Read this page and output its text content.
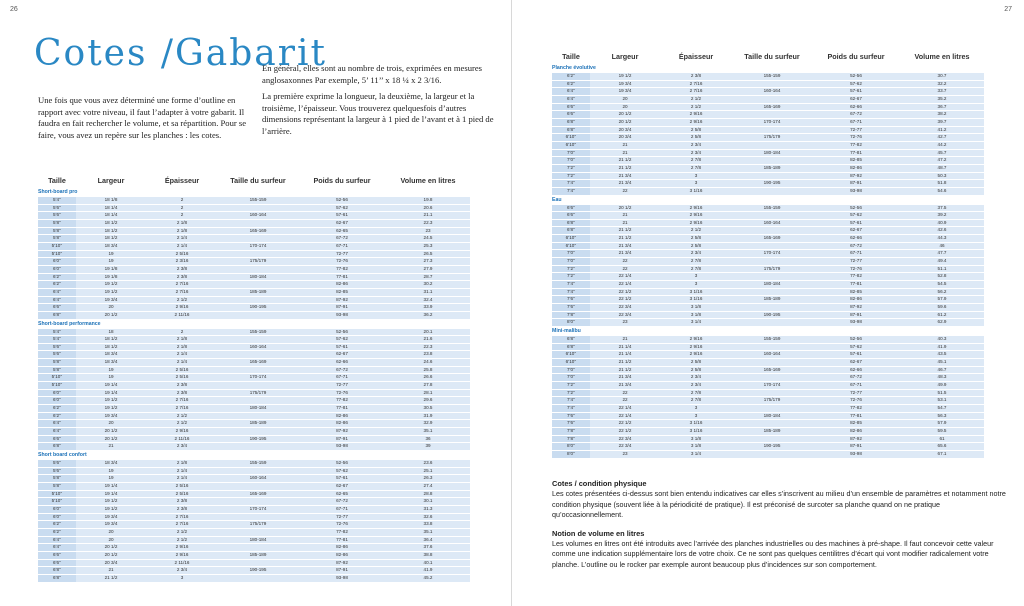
26
Cotes /Gabarit

Une fois que vous avez déterminé une forme d’outline en rapport avec votre niveau, il faut l’adapter à votre gabarit. Il faudra en fait rechercher le volume, et sa répartition. Pour se faire, vous avez un repère sur les planches : les cotes.

En général, elles sont au nombre de trois, exprimées en mesures anglosaxonnes Par exemple, 5’ 11’’ x 18 ¼ x 2 3/16.

La première exprime la longueur, la deuxième, la largeur et la troisième, l’épaisseur. Vous trouverez quelquesfois d’autres dimensions représentant la largeur à 1 pied de l’avant et à 1 pied de l’arrière.

Taille	Largeur	Épaisseur	Taille du surfeur	Poids du surfeur	Volume en litres
Short-board pro					
5’4’’	18 1/8	2	155-159	52-56	19.8
5’6’’	18 1/4	2		57-62	20.6
5’6’’	18 1/4	2	160-164	57-61	21.1
5’8’’	18 1/2	2 1/8		62-67	22.3
5’8’’	18 1/2	2 1/8	165-169	62-65	23
5’8’’	18 1/2	2 1/4		67-72	24.5
5’10’’	18 3/4	2 1/4	170-174	67-71	25.3
5’10’’	19	2 5/16		72-77	26.5
6’0’’	19	2 3/16	175/179	72-76	27.3
6’0’’	19 1/8	2 3/8		77-82	27.9
6’2’’	19 1/8	2 3/8	180-184	77-81	28.7
6’2’’	19 1/2	2 7/16		82-86	30.2
6’4’’	19 1/2	2 7/16	185-189	82-85	31.1
6’4’’	19 3/4	2 1/2		87-92	32.4
6’6’’	20	2 9/16	190-195	87-91	33.9
6’8’’	20 1/2	2 11/16		93-98	36.2
Short-board performance					
5’4’’	18	2	155-159	52-56	20.1
5’4’’	18 1/2	2 1/8		57-62	21.6
5’6’’	18 1/2	2 1/8	160-164	57-61	22.3
5’6’’	18 3/4	2 1/4		62-67	23.8
5’8’’	18 3/4	2 1/4	165-169	62-66	24.6
5’8’’	19	2 5/16		67-72	25.8
5’10’’	19	2 5/16	170-174	67-71	26.6
5’10’’	19 1/4	2 3/8		72-77	27.8
6’0’’	19 1/4	2 3/8	175/179	72-76	28.1
6’0’’	19 1/2	2 7/16		77-82	29.6
6’2’’	19 1/2	2 7/16	180-184	77-81	30.5
6’2’’	19 3/4	2 1/2		82-86	31.9
6’4’’	20	2 1/2	185-189	82-86	32.9
6’4’’	20 1/2	2 9/16		87-92	35.1
6’6’’	20 1/2	2 11/16	190-195	87-91	36
6’8’’	21	2 3/4		93-98	39
Short board confort					
5’6’’	18 3/4	2 1/8	155-159	52-56	23.6
5’6’’	19	2 1/4		57-62	25.1
5’8’’	19	2 1/4	160-164	57-61	26.3
5’8’’	19 1/4	2 5/16		62-67	27.4
5’10’’	19 1/4	2 5/16	165-169	62-65	28.8
5’10’’	19 1/2	2 3/8		67-72	30.1
6’0’’	19 1/2	2 3/8	170-174	67-71	31.3
6’0’’	19 3/4	2 7/16		72-77	32.6
6’2’’	19 3/4	2 7/16	175/179	72-76	33.8
6’2’’	20	2 1/2		77-82	35.1
6’4’’	20	2 1/2	180-184	77-81	36.4
6’4’’	20 1/2	2 9/16		82-86	37.6
6’6’’	20 1/2	2 9/16	185-189	82-86	38.8
6’6’’	20 3/4	2 11/16		87-92	40.1
6’8’’	21	2 3/4	190-195	87-91	41.9
6’8’’	21 1/2	3		93-98	45.2
27
Taille	Largeur	Épaisseur	Taille du surfeur	Poids du surfeur	Volume en litres
Planche évolutive					
6’2’’	19 1/2	2 3/8	155-159	52-56	30.7
6’2’’	19 3/4	2 7/16		57-62	32.2
6’4’’	19 3/4	2 7/16	160-164	57-61	33.7
6’4’’	20	2 1/2		62-67	35.2
6’6’’	20	2 1/2	165-169	62-66	36.7
6’6’’	20 1/2	2 9/16		67-72	38.2
6’8’’	20 1/2	2 9/16	170-174	67-71	39.7
6’8’’	20 3/4	2 5/8		72-77	41.2
6’10’’	20 3/4	2 5/8	175/179	72-76	42.7
6’10’’	21	2 3/4		77-82	44.2
7’0’’	21	2 3/4	180-184	77-81	45.7
7’0’’	21 1/2	2 7/8		82-85	47.2
7’2’’	21 1/2	2 7/8	185-189	82-86	48.7
7’2’’	21 3/4	3		87-92	50.3
7’4’’	21 3/4	3	190-195	87-91	51.8
7’4’’	22	3 1/16		93-98	54.6
Eau					
6’6’’	20 1/2	2 9/16	155-159	52-56	37.5
6’6’’	21	2 9/16		57-62	39.2
6’8’’	21	2 9/16	160-164	57-61	40.9
6’8’’	21 1/2	2 1/2		62-67	42.6
6’10’’	21 1/2	2 5/8	165-169	62-66	44.3
6’10’’	21 3/4	2 5/8		67-72	46
7’0’’	21 3/4	2 3/4	170-174	67-71	47.7
7’0’’	22	2 7/8		72-77	49.4
7’2’’	22	2 7/8	175/179	72-76	51.1
7’2’’	22 1/4	3		77-82	52.8
7’4’’	22 1/4	3	180-184	77-81	54.5
7’4’’	22 1/2	3 1/16		82-85	56.2
7’6’’	22 1/2	3 1/16	185-189	82-86	57.9
7’6’’	22 3/4	3 1/8		87-92	59.6
7’8’’	22 3/4	3 1/8	190-195	87-91	61.2
8’0’’	23	3 1/4		93-98	62.9
Mini-malibu					
6’8’’	21	2 9/16	155-159	52-56	40.3
6’8’’	21 1/4	2 9/16		57-62	41.9
6’10’’	21 1/4	2 9/16	160-164	57-61	43.5
6’10’’	21 1/2	2 5/8		62-67	45.1
7’0’’	21 1/2	2 5/8	165-169	62-66	46.7
7’0’’	21 3/4	2 3/4		67-72	48.3
7’2’’	21 3/4	2 3/4	170-174	67-71	49.9
7’2’’	22	2 7/8		72-77	51.5
7’4’’	22	2 7/8	175/179	72-76	53.1
7’4’’	22 1/4	3		77-82	54.7
7’6’’	22 1/4	3	180-184	77-81	56.3
7’6’’	22 1/2	3 1/16		82-85	57.9
7’8’’	22 1/2	3 1/16	185-189	82-86	59.5
7’8’’	22 3/4	3 1/8		87-92	61
8’0’’	22 3/4	3 1/8	190-195	87-91	65.6
8’0’’	23	3 1/4		93-98	67.1
Cotes / condition physique

Les cotes présentées ci-dessus sont bien entendu indicatives car elles s’inscrivent au milieu d’un ensemble de paramètres et notamment notre condition physique (souvent liée à la périodicité de pratique). Il est préconisé de surcoter sa planche quand on ne pratique qu’occasionnellement.

Notion de volume en litres

Les volumes en litres ont été introduits avec l’arrivée des planches industrielles ou des machines à pré-shape. Il faut concevoir cette valeur comme une indication supplémentaire lors de votre choix. Ce ne sont pas quelques centilitres d’écart qui vont modifier radicalement votre planche. L’outline ou le rocker par exemple auront beaucoup plus d’incidences sur son comportement.
